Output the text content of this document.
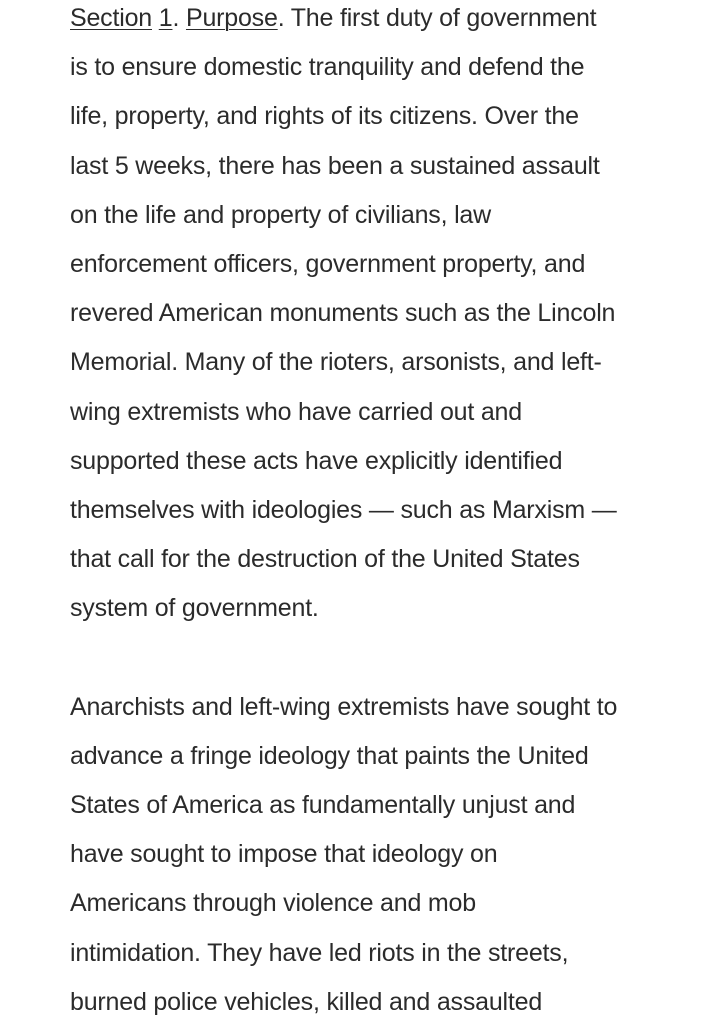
Section 1. Purpose. The first duty of government
is to ensure domestic tranquility and defend the
life, property, and rights of its citizens. Over the
last 5 weeks, there has been a sustained assault
on the life and property of civilians, law
enforcement officers, government property, and
revered American monuments such as the Lincoln
Memorial. Many of the rioters, arsonists, and left-
wing extremists who have carried out and
supported these acts have explicitly identified
themselves with ideologies — such as Marxism —
that call for the destruction of the United States
system of government.
Anarchists and left-wing extremists have sought to
advance a fringe ideology that paints the United
States of America as fundamentally unjust and
have sought to impose that ideology on
Americans through violence and mob
intimidation. They have led riots in the streets,
burned police vehicles, killed and assaulted
